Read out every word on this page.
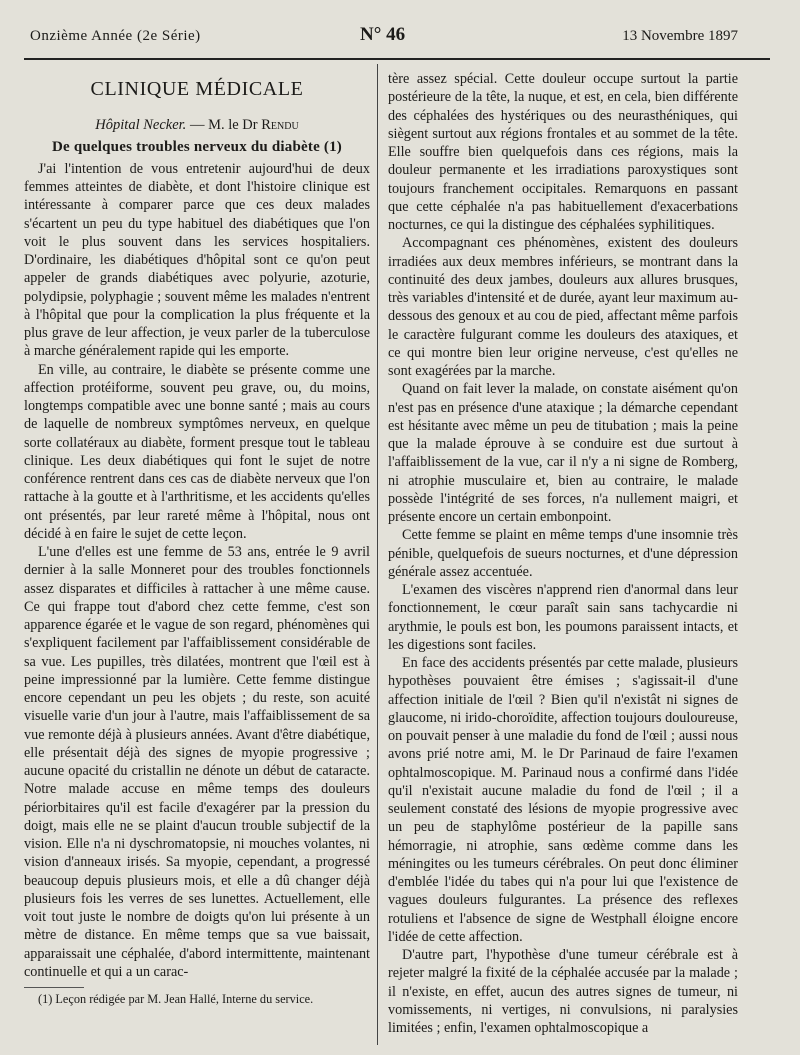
Onzième Année (2e Série)	N° 46	13 Novembre 1897
CLINIQUE MÉDICALE
Hôpital Necker. — M. le Dr Rendu
De quelques troubles nerveux du diabète (1)

J'ai l'intention de vous entretenir aujourd'hui de deux femmes atteintes de diabète, et dont l'histoire clinique est intéressante à comparer parce que ces deux malades s'écartent un peu du type habituel des diabétiques que l'on voit le plus souvent dans les services hospitaliers. D'ordinaire, les diabétiques d'hôpital sont ce qu'on peut appeler de grands diabétiques avec polyurie, azoturie, polydipsie, polyphagie ; souvent même les malades n'entrent à l'hôpital que pour la complication la plus fréquente et la plus grave de leur affection, je veux parler de la tuberculose à marche généralement rapide qui les emporte.

En ville, au contraire, le diabète se présente comme une affection protéiforme, souvent peu grave, ou, du moins, longtemps compatible avec une bonne santé ; mais au cours de laquelle de nombreux symptômes nerveux, en quelque sorte collatéraux au diabète, forment presque tout le tableau clinique. Les deux diabétiques qui font le sujet de notre conférence rentrent dans ces cas de diabète nerveux que l'on rattache à la goutte et à l'arthritisme, et les accidents qu'elles ont présentés, par leur rareté même à l'hôpital, nous ont décidé à en faire le sujet de cette leçon.

L'une d'elles est une femme de 53 ans, entrée le 9 avril dernier à la salle Monneret pour des troubles fonctionnels assez disparates et difficiles à rattacher à une même cause. Ce qui frappe tout d'abord chez cette femme, c'est son apparence égarée et le vague de son regard, phénomènes qui s'expliquent facilement par l'affaiblissement considérable de sa vue. Les pupilles, très dilatées, montrent que l'œil est à peine impressionné par la lumière. Cette femme distingue encore cependant un peu les objets ; du reste, son acuité visuelle varie d'un jour à l'autre, mais l'affaiblissement de sa vue remonte déjà à plusieurs années. Avant d'être diabétique, elle présentait déjà des signes de myopie progressive ; aucune opacité du cristallin ne dénote un début de cataracte. Notre malade accuse en même temps des douleurs périorbitaires qu'il est facile d'exagérer par la pression du doigt, mais elle ne se plaint d'aucun trouble subjectif de la vision. Elle n'a ni dyschromatopsie, ni mouches volantes, ni vision d'anneaux irisés. Sa myopie, cependant, a progressé beaucoup depuis plusieurs mois, et elle a dû changer déjà plusieurs fois les verres de ses lunettes. Actuellement, elle voit tout juste le nombre de doigts qu'on lui présente à un mètre de distance. En même temps que sa vue baissait, apparaissait une céphalée, d'abord intermittente, maintenant continuelle et qui a un carac-

(1) Leçon rédigée par M. Jean Hallé, Interne du service.

tère assez spécial. Cette douleur occupe surtout la partie postérieure de la tête, la nuque, et est, en cela, bien différente des céphalées des hystériques ou des neurasthéniques, qui siègent surtout aux régions frontales et au sommet de la tête. Elle souffre bien quelquefois dans ces régions, mais la douleur permanente et les irradiations paroxystiques sont toujours franchement occipitales. Remarquons en passant que cette céphalée n'a pas habituellement d'exacerbations nocturnes, ce qui la distingue des céphalées syphilitiques.

Accompagnant ces phénomènes, existent des douleurs irradiées aux deux membres inférieurs, se montrant dans la continuité des deux jambes, douleurs aux allures brusques, très variables d'intensité et de durée, ayant leur maximum au-dessous des genoux et au cou de pied, affectant même parfois le caractère fulgurant comme les douleurs des ataxiques, et ce qui montre bien leur origine nerveuse, c'est qu'elles ne sont exagérées par la marche.

Quand on fait lever la malade, on constate aisément qu'on n'est pas en présence d'une ataxique ; la démarche cependant est hésitante avec même un peu de titubation ; mais la peine que la malade éprouve à se conduire est due surtout à l'affaiblissement de la vue, car il n'y a ni signe de Romberg, ni atrophie musculaire et, bien au contraire, le malade possède l'intégrité de ses forces, n'a nullement maigri, et présente encore un certain embonpoint.

Cette femme se plaint en même temps d'une insomnie très pénible, quelquefois de sueurs nocturnes, et d'une dépression générale assez accentuée.

L'examen des viscères n'apprend rien d'anormal dans leur fonctionnement, le cœur paraît sain sans tachycardie ni arythmie, le pouls est bon, les poumons paraissent intacts, et les digestions sont faciles.

En face des accidents présentés par cette malade, plusieurs hypothèses pouvaient être émises ; s'agissait-il d'une affection initiale de l'œil ? Bien qu'il n'existât ni signes de glaucome, ni irido-choroïdite, affection toujours douloureuse, on pouvait penser à une maladie du fond de l'œil ; aussi nous avons prié notre ami, M. le Dr Parinaud de faire l'examen ophtalmoscopique. M. Parinaud nous a confirmé dans l'idée qu'il n'existait aucune maladie du fond de l'œil ; il a seulement constaté des lésions de myopie progressive avec un peu de staphylôme postérieur de la papille sans hémorragie, ni atrophie, sans œdème comme dans les méningites ou les tumeurs cérébrales. On peut donc éliminer d'emblée l'idée du tabes qui n'a pour lui que l'existence de vagues douleurs fulgurantes. La présence des reflexes rotuliens et l'absence de signe de Westphall éloigne encore l'idée de cette affection.

D'autre part, l'hypothèse d'une tumeur cérébrale est à rejeter malgré la fixité de la céphalée accusée par la malade ; il n'existe, en effet, aucun des autres signes de tumeur, ni vomissements, ni vertiges, ni convulsions, ni paralysies limitées ; enfin, l'examen ophtalmoscopique a
